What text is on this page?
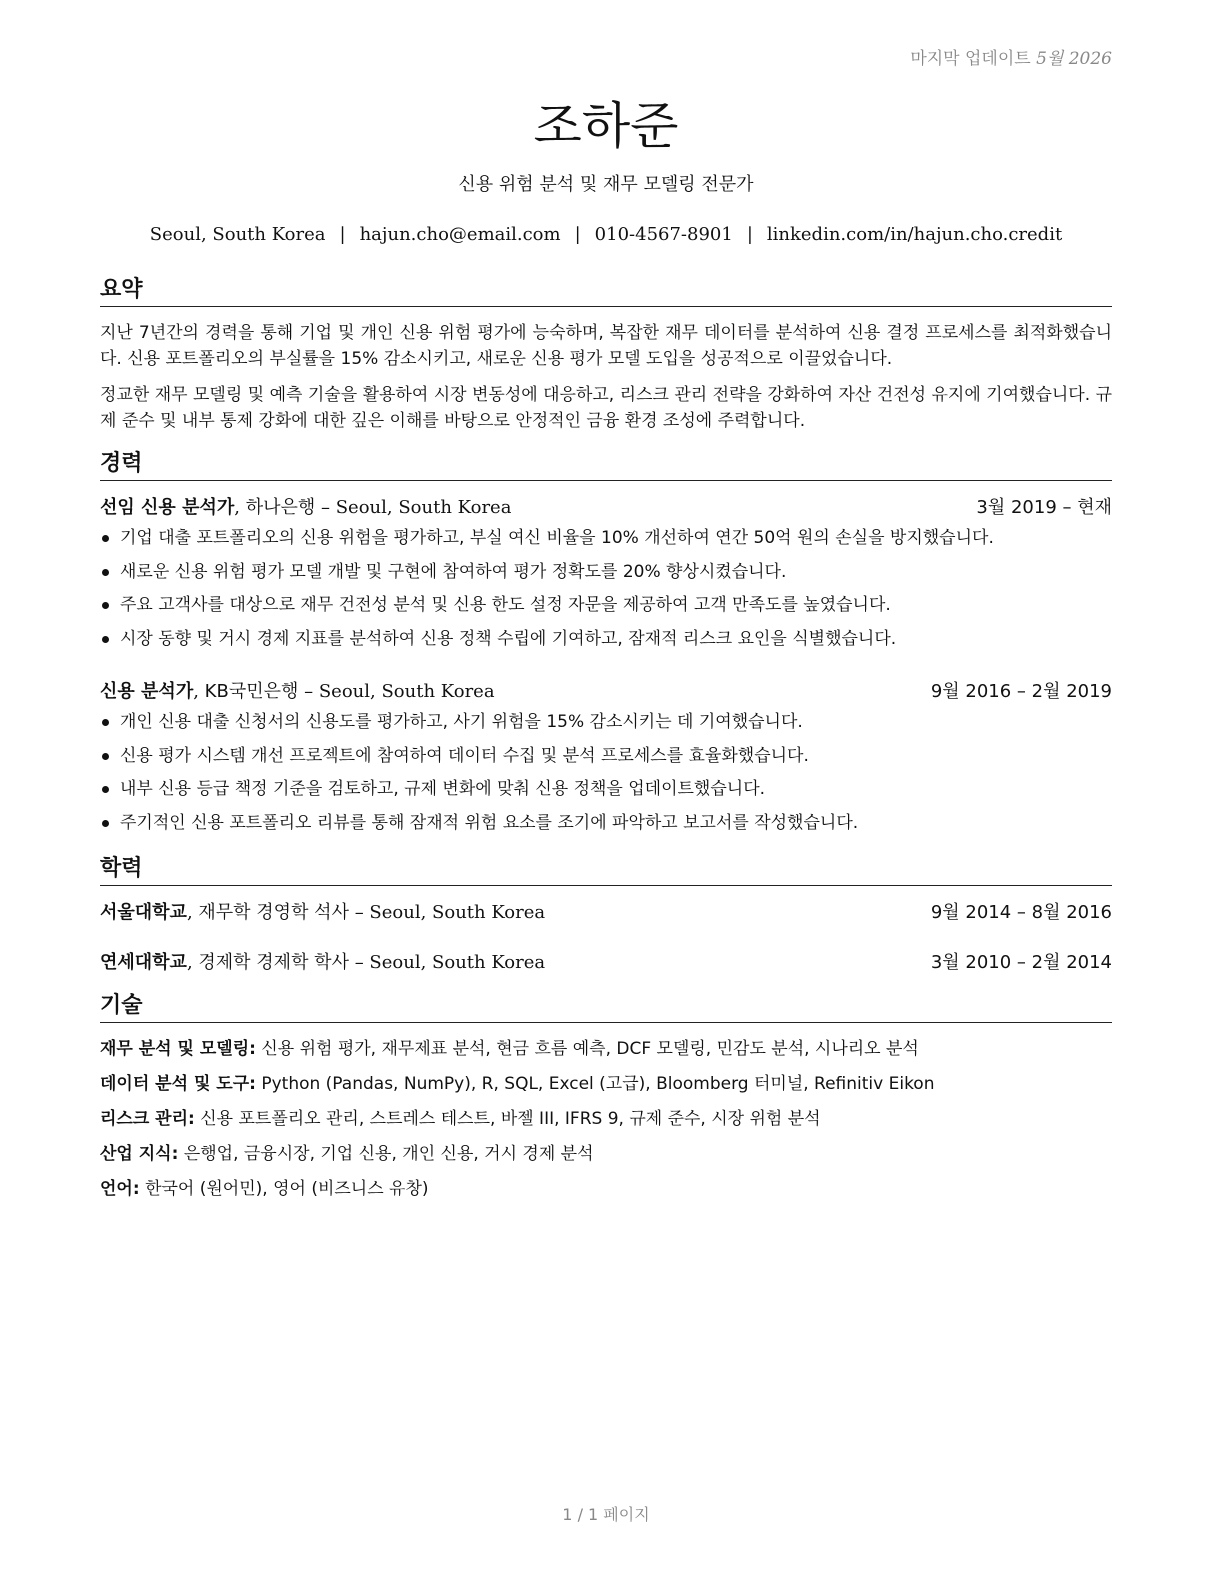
마지막 업데이트 5월 2026
조하준
신용 위험 분석 및 재무 모델링 전문가
Seoul, South Korea | hajun.cho@email.com | 010-4567-8901 | linkedin.com/in/hajun.cho.credit
요약
지난 7년간의 경력을 통해 기업 및 개인 신용 위험 평가에 능숙하며, 복잡한 재무 데이터를 분석하여 신용 결정 프로세스를 최적화했습니다. 신용 포트폴리오의 부실률을 15% 감소시키고, 새로운 신용 평가 모델 도입을 성공적으로 이끌었습니다.
정교한 재무 모델링 및 예측 기술을 활용하여 시장 변동성에 대응하고, 리스크 관리 전략을 강화하여 자산 건전성 유지에 기여했습니다. 규제 준수 및 내부 통제 강화에 대한 깊은 이해를 바탕으로 안정적인 금융 환경 조성에 주력합니다.
경력
선임 신용 분석가, 하나은행 – Seoul, South Korea	3월 2019 – 현재
기업 대출 포트폴리오의 신용 위험을 평가하고, 부실 여신 비율을 10% 개선하여 연간 50억 원의 손실을 방지했습니다.
새로운 신용 위험 평가 모델 개발 및 구현에 참여하여 평가 정확도를 20% 향상시켰습니다.
주요 고객사를 대상으로 재무 건전성 분석 및 신용 한도 설정 자문을 제공하여 고객 만족도를 높였습니다.
시장 동향 및 거시 경제 지표를 분석하여 신용 정책 수립에 기여하고, 잠재적 리스크 요인을 식별했습니다.
신용 분석가, KB국민은행 – Seoul, South Korea	9월 2016 – 2월 2019
개인 신용 대출 신청서의 신용도를 평가하고, 사기 위험을 15% 감소시키는 데 기여했습니다.
신용 평가 시스템 개선 프로젝트에 참여하여 데이터 수집 및 분석 프로세스를 효율화했습니다.
내부 신용 등급 책정 기준을 검토하고, 규제 변화에 맞춰 신용 정책을 업데이트했습니다.
주기적인 신용 포트폴리오 리뷰를 통해 잠재적 위험 요소를 조기에 파악하고 보고서를 작성했습니다.
학력
서울대학교, 재무학 경영학 석사 – Seoul, South Korea	9월 2014 – 8월 2016
연세대학교, 경제학 경제학 학사 – Seoul, South Korea	3월 2010 – 2월 2014
기술
재무 분석 및 모델링: 신용 위험 평가, 재무제표 분석, 현금 흐름 예측, DCF 모델링, 민감도 분석, 시나리오 분석
데이터 분석 및 도구: Python (Pandas, NumPy), R, SQL, Excel (고급), Bloomberg 터미널, Refinitiv Eikon
리스크 관리: 신용 포트폴리오 관리, 스트레스 테스트, 바젤 III, IFRS 9, 규제 준수, 시장 위험 분석
산업 지식: 은행업, 금융시장, 기업 신용, 개인 신용, 거시 경제 분석
언어: 한국어 (원어민), 영어 (비즈니스 유창)
1 / 1 페이지
